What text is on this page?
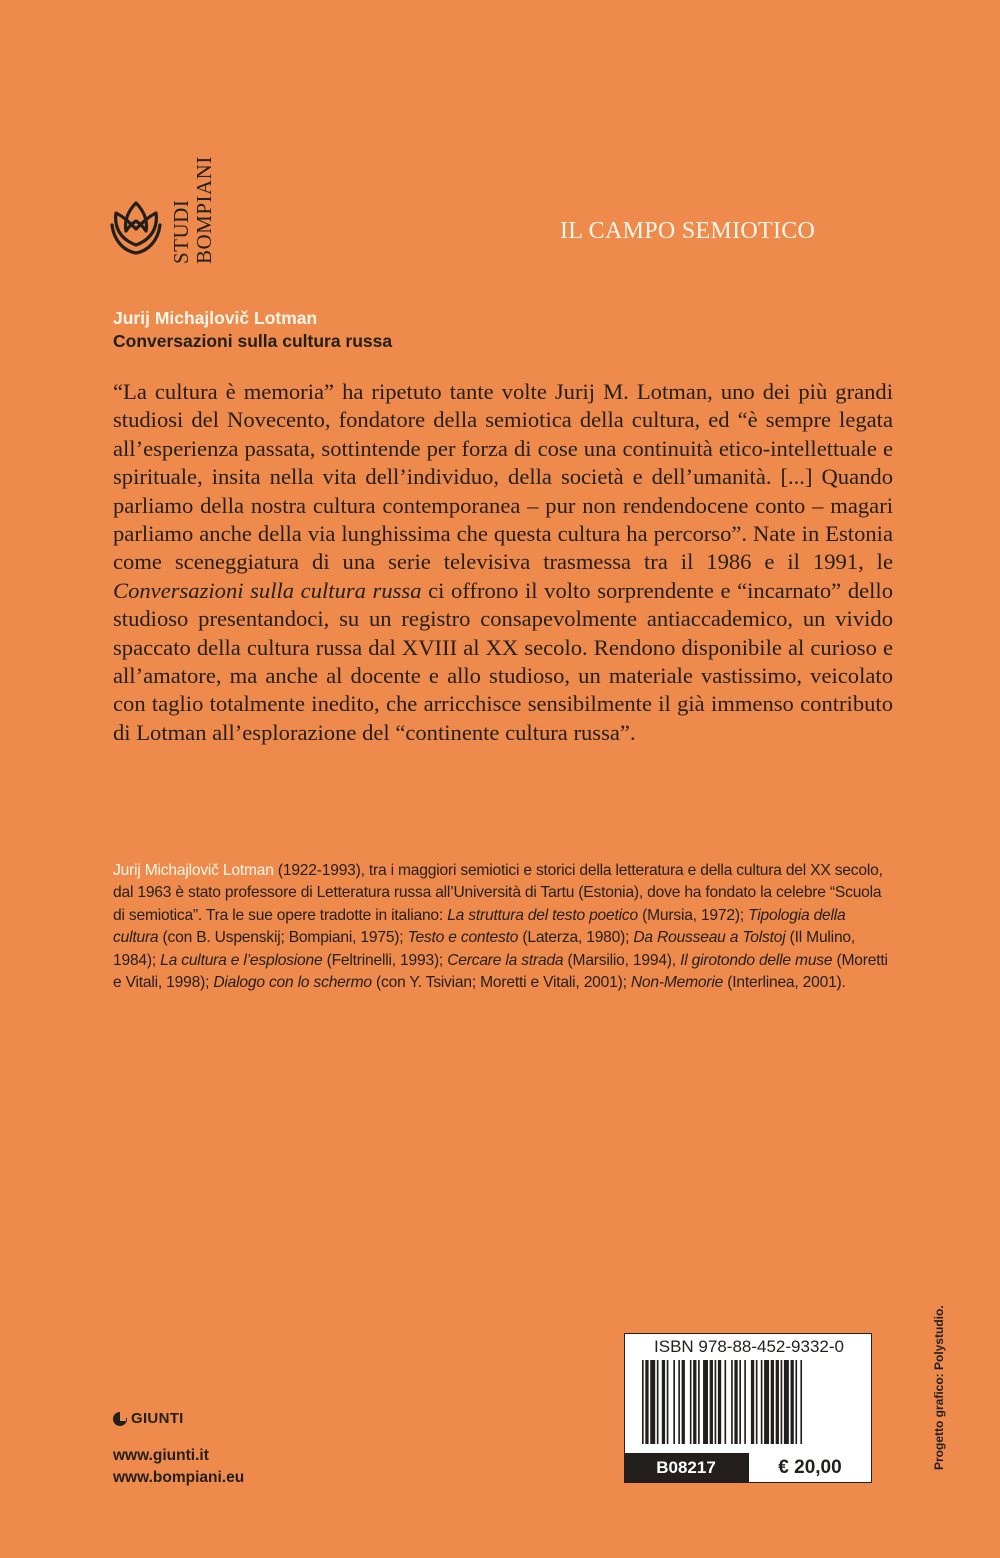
STUDI BOMPIANI	IL CAMPO SEMIOTICO
Jurij Michajlovič Lotman
Conversazioni sulla cultura russa
“La cultura è memoria” ha ripetuto tante volte Jurij M. Lotman, uno dei più grandi studiosi del Novecento, fondatore della semiotica della cultura, ed “è sempre legata all’esperienza passata, sottintende per forza di cose una continuità etico-intellettuale e spirituale, insita nella vita dell’individuo, della società e dell’umanità. [...] Quando parliamo della nostra cultura contemporanea – pur non rendendocene conto – magari parliamo anche della via lunghissima che questa cultura ha percorso”. Nate in Estonia come sceneggiatura di una serie televisiva trasmessa tra il 1986 e il 1991, le Conversazioni sulla cultura russa ci offrono il volto sorprendente e “incarnato” dello studioso presentandoci, su un registro consapevolmente antiaccademico, un vivido spaccato della cultura russa dal XVIII al XX secolo. Rendono disponibile al curioso e all’amatore, ma anche al docente e allo studioso, un materiale vastissimo, veicolato con taglio totalmente inedito, che arricchisce sensibilmente il già immenso contributo di Lotman all’esplorazione del “continente cultura russa”.
Jurij Michajlovič Lotman (1922-1993), tra i maggiori semiotici e storici della letteratura e della cultura del XX secolo, dal 1963 è stato professore di Letteratura russa all’Università di Tartu (Estonia), dove ha fondato la celebre “Scuola di semiotica”. Tra le sue opere tradotte in italiano: La struttura del testo poetico (Mursia, 1972); Tipologia della cultura (con B. Uspenskij; Bompiani, 1975); Testo e contesto (Laterza, 1980); Da Rousseau a Tolstoj (Il Mulino, 1984); La cultura e l’esplosione (Feltrinelli, 1993); Cercare la strada (Marsilio, 1994), Il girotondo delle muse (Moretti e Vitali, 1998); Dialogo con lo schermo (con Y. Tsivian; Moretti e Vitali, 2001); Non-Memorie (Interlinea, 2001).
GIUNTI
www.giunti.it
www.bompiani.eu
ISBN 978-88-452-9332-0
B08217	€ 20,00	Progetto grafico: Polystudio.
